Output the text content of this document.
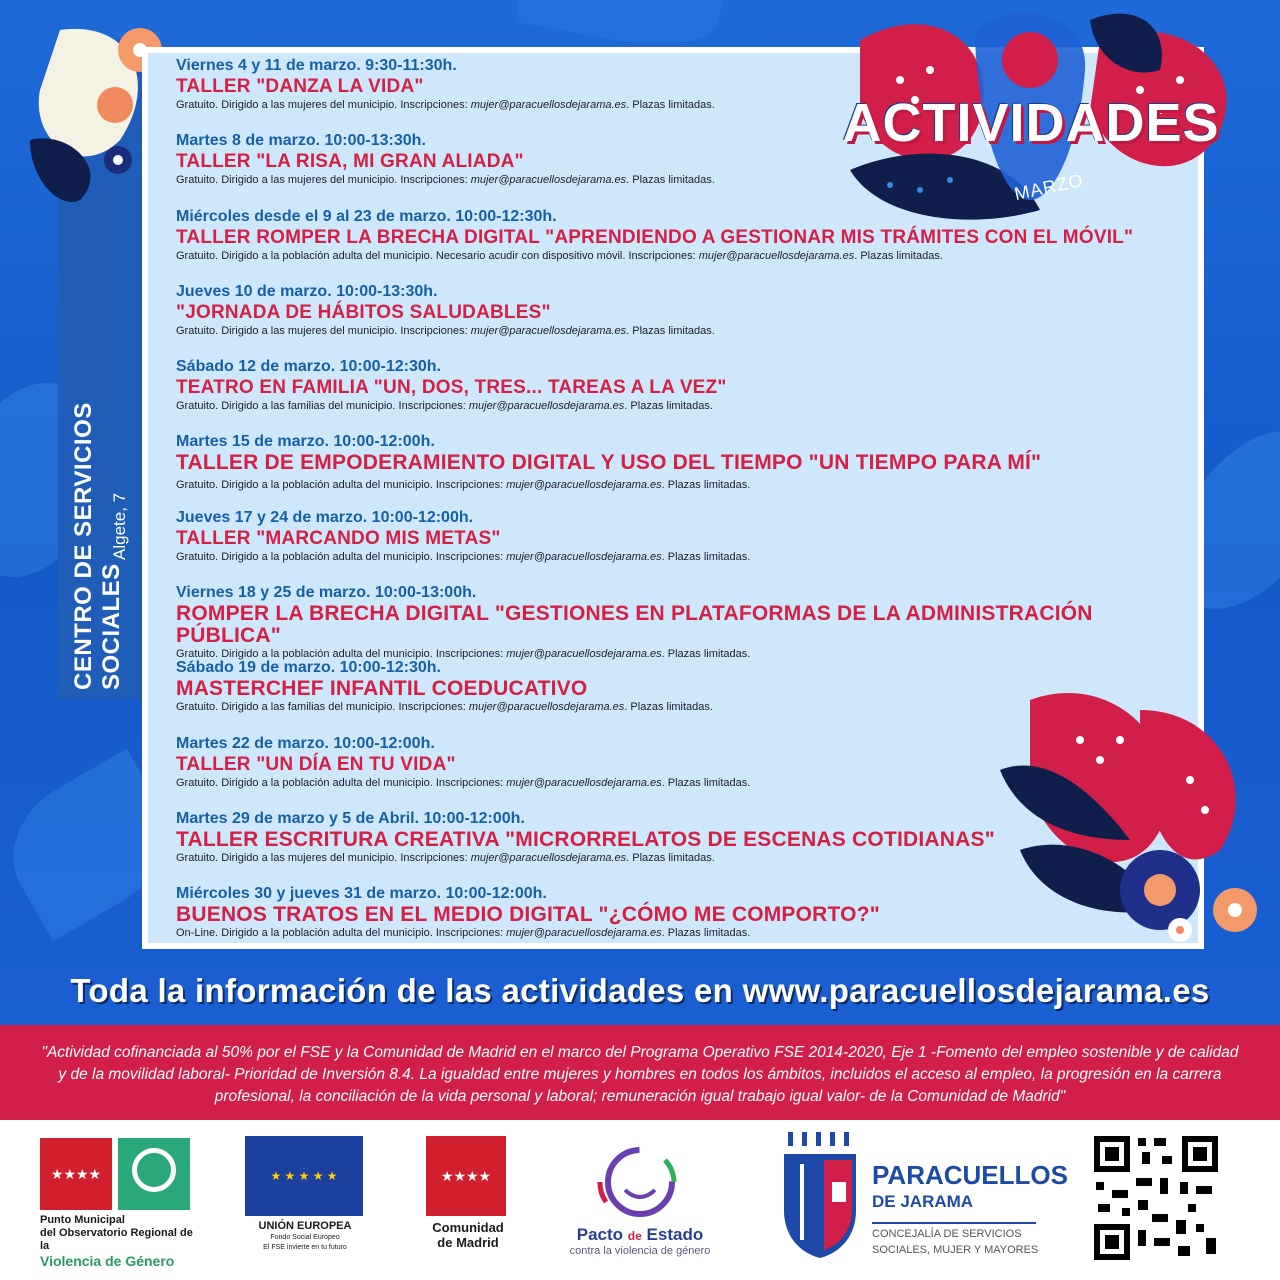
CENTRO DE SERVICIOS SOCIALES
Algete, 7
Viernes 4 y 11 de marzo. 9:30-11:30h.
TALLER "DANZA LA VIDA"
Gratuito. Dirigido a las mujeres del municipio. Inscripciones: mujer@paracuellosdejarama.es. Plazas limitadas.
Martes 8 de marzo. 10:00-13:30h.
TALLER "LA RISA, MI GRAN ALIADA"
Gratuito. Dirigido a las mujeres del municipio. Inscripciones: mujer@paracuellosdejarama.es. Plazas limitadas.
Miércoles desde el 9 al 23 de marzo. 10:00-12:30h.
TALLER ROMPER LA BRECHA DIGITAL "APRENDIENDO A GESTIONAR MIS TRÁMITES CON EL MÓVIL"
Gratuito. Dirigido a la población adulta del municipio. Necesario acudir con dispositivo móvil. Inscripciones: mujer@paracuellosdejarama.es. Plazas limitadas.
Jueves 10 de marzo. 10:00-13:30h.
"JORNADA DE HÁBITOS SALUDABLES"
Gratuito. Dirigido a las mujeres del municipio. Inscripciones: mujer@paracuellosdejarama.es. Plazas limitadas.
Sábado 12 de marzo. 10:00-12:30h.
TEATRO EN FAMILIA "UN, DOS, TRES... TAREAS A LA VEZ"
Gratuito. Dirigido a las familias del municipio. Inscripciones: mujer@paracuellosdejarama.es. Plazas limitadas.
Martes 15 de marzo. 10:00-12:00h.
TALLER DE EMPODERAMIENTO DIGITAL Y USO DEL TIEMPO "UN TIEMPO PARA MÍ"
Gratuito. Dirigido a la población adulta del municipio. Inscripciones: mujer@paracuellosdejarama.es. Plazas limitadas.
Jueves 17 y 24 de marzo. 10:00-12:00h.
TALLER "MARCANDO MIS METAS"
Gratuito. Dirigido a la población adulta del municipio. Inscripciones: mujer@paracuellosdejarama.es. Plazas limitadas.
Viernes 18 y 25 de marzo. 10:00-13:00h.
ROMPER LA BRECHA DIGITAL "GESTIONES EN PLATAFORMAS DE LA ADMINISTRACIÓN PÚBLICA"
Gratuito. Dirigido a la población adulta del municipio. Inscripciones: mujer@paracuellosdejarama.es. Plazas limitadas.
Sábado 19 de marzo. 10:00-12:30h.
MASTERCHEF INFANTIL COEDUCATIVO
Gratuito. Dirigido a las familias del municipio. Inscripciones: mujer@paracuellosdejarama.es. Plazas limitadas.
Martes 22 de marzo. 10:00-12:00h.
TALLER "UN DÍA EN TU VIDA"
Gratuito. Dirigido a la población adulta del municipio. Inscripciones: mujer@paracuellosdejarama.es. Plazas limitadas.
Martes 29 de marzo y 5 de Abril. 10:00-12:00h.
TALLER ESCRITURA CREATIVA "MICRORRELATOS DE ESCENAS COTIDIANAS"
Gratuito. Dirigido a las mujeres del municipio. Inscripciones: mujer@paracuellosdejarama.es. Plazas limitadas.
Miércoles 30 y jueves 31 de marzo. 10:00-12:00h.
BUENOS TRATOS EN EL MEDIO DIGITAL "¿CÓMO ME COMPORTO?"
On-Line. Dirigido a la población adulta del municipio. Inscripciones: mujer@paracuellosdejarama.es. Plazas limitadas.
ACTIVIDADES
MARZO
Toda la información de las actividades en www.paracuellosdejarama.es
"Actividad cofinanciada al 50% por el FSE y la Comunidad de Madrid en el marco del Programa Operativo FSE 2014-2020, Eje 1 -Fomento del empleo sostenible y de calidad y de la movilidad laboral- Prioridad de Inversión 8.4. La igualdad entre mujeres y hombres en todos los ámbitos, incluidos el acceso al empleo, la progresión en la carrera profesional, la conciliación de la vida personal y laboral; remuneración igual trabajo igual valor- de la Comunidad de Madrid"
★★★★
Punto Municipal
del Observatorio Regional de la
Violencia de Género
★ ★ ★ ★ ★
UNIÓN EUROPEA
Fondo Social Europeo
El FSE invierte en tu futuro
★★★★
Comunidad
de Madrid	Pacto de Estado
contra la violencia de género
PARACUELLOS
DE JARAMA
CONCEJALÍA DE SERVICIOS
SOCIALES, MUJER Y MAYORES
